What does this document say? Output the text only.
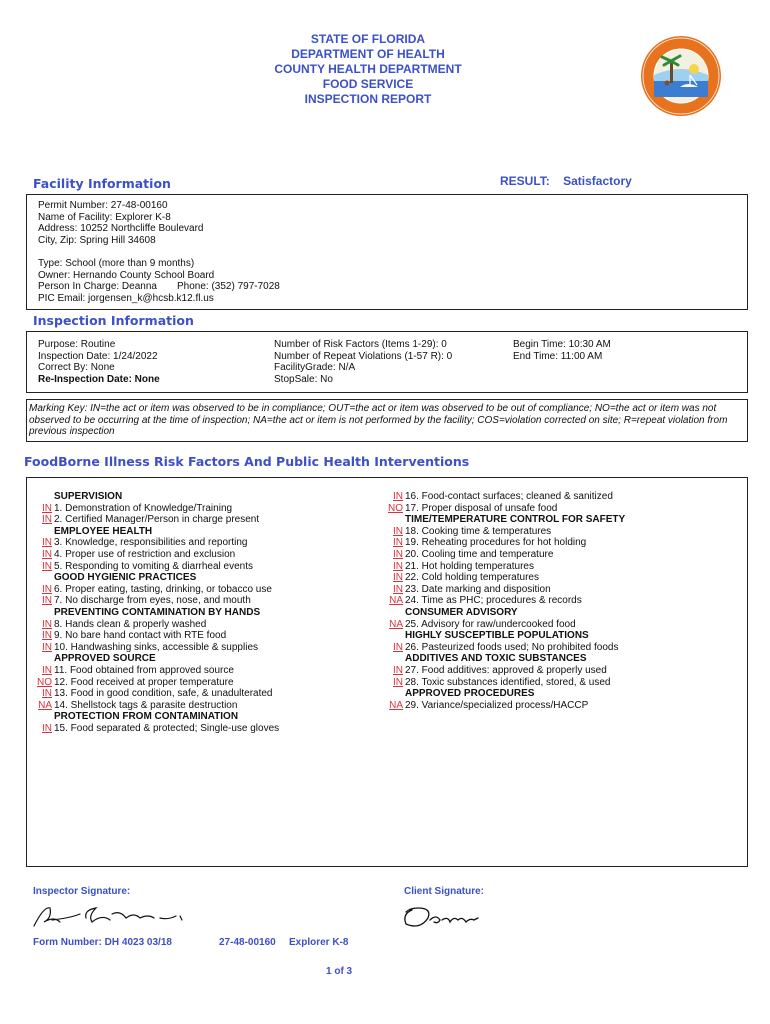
STATE OF FLORIDA
DEPARTMENT OF HEALTH
COUNTY HEALTH DEPARTMENT
FOOD SERVICE
INSPECTION REPORT
RESULT: Satisfactory
Facility Information
Permit Number: 27-48-00160
Name of Facility: Explorer K-8
Address: 10252 Northcliffe Boulevard
City, Zip: Spring Hill 34608
Type: School (more than 9 months)
Owner: Hernando County School Board
Person In Charge: Deanna Phone: (352) 797-7028
PIC Email: jorgensen_k@hcsb.k12.fl.us
Inspection Information
Purpose: Routine
Inspection Date: 1/24/2022
Correct By: None
Re-Inspection Date: None
Number of Risk Factors (Items 1-29): 0
Number of Repeat Violations (1-57 R): 0
FacilityGrade: N/A
StopSale: No
Begin Time: 10:30 AM
End Time: 11:00 AM
Marking Key: IN=the act or item was observed to be in compliance; OUT=the act or item was observed to be out of compliance; NO=the act or item was not observed to be occurring at the time of inspection; NA=the act or item is not performed by the facility; COS=violation corrected on site; R=repeat violation from previous inspection
FoodBorne Illness Risk Factors And Public Health Interventions
SUPERVISION
IN 1. Demonstration of Knowledge/Training
IN 2. Certified Manager/Person in charge present
EMPLOYEE HEALTH
IN 3. Knowledge, responsibilities and reporting
IN 4. Proper use of restriction and exclusion
IN 5. Responding to vomiting & diarrheal events
GOOD HYGIENIC PRACTICES
IN 6. Proper eating, tasting, drinking, or tobacco use
IN 7. No discharge from eyes, nose, and mouth
PREVENTING CONTAMINATION BY HANDS
IN 8. Hands clean & properly washed
IN 9. No bare hand contact with RTE food
IN 10. Handwashing sinks, accessible & supplies
APPROVED SOURCE
IN 11. Food obtained from approved source
NO 12. Food received at proper temperature
IN 13. Food in good condition, safe, & unadulterated
NA 14. Shellstock tags & parasite destruction
PROTECTION FROM CONTAMINATION
IN 15. Food separated & protected; Single-use gloves
IN 16. Food-contact surfaces; cleaned & sanitized
NO 17. Proper disposal of unsafe food
TIME/TEMPERATURE CONTROL FOR SAFETY
IN 18. Cooking time & temperatures
IN 19. Reheating procedures for hot holding
IN 20. Cooling time and temperature
IN 21. Hot holding temperatures
IN 22. Cold holding temperatures
IN 23. Date marking and disposition
NA 24. Time as PHC; procedures & records
CONSUMER ADVISORY
NA 25. Advisory for raw/undercooked food
HIGHLY SUSCEPTIBLE POPULATIONS
IN 26. Pasteurized foods used; No prohibited foods
ADDITIVES AND TOXIC SUBSTANCES
IN 27. Food additives: approved & properly used
IN 28. Toxic substances identified, stored, & used
APPROVED PROCEDURES
NA 29. Variance/specialized process/HACCP
Inspector Signature:	Client Signature:
Form Number: DH 4023 03/18	27-48-00160 Explorer K-8
1 of 3
